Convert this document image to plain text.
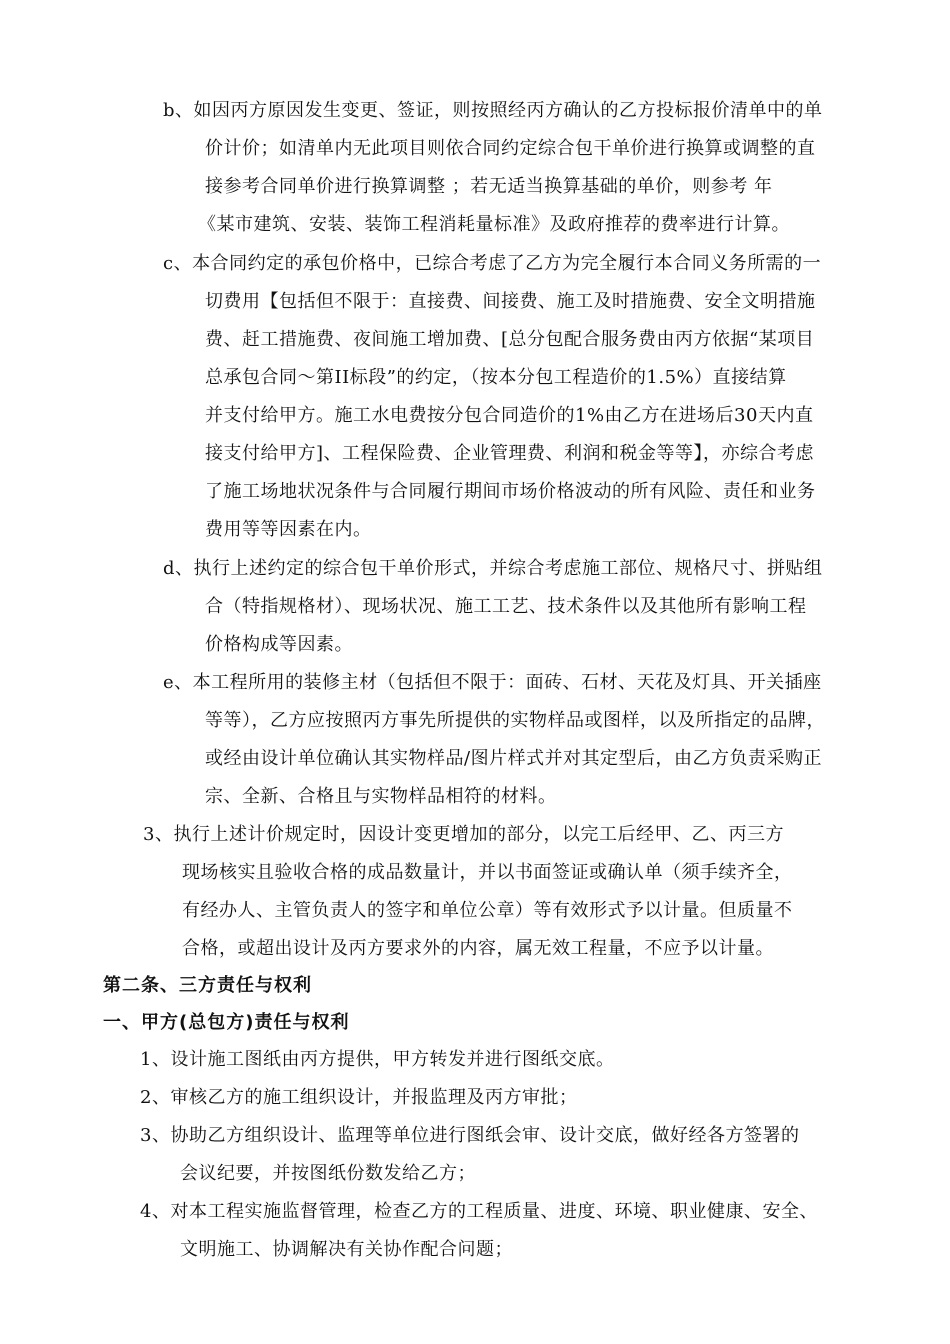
b、如因丙方原因发生变更、签证，则按照经丙方确认的乙方投标报价清单中的单
价计价；如清单内无此项目则依合同约定综合包干单价进行换算或调整的直
接参考合同单价进行换算调整 ；若无适当换算基础的单价，则参考 年
《某市建筑、安装、装饰工程消耗量标准》及政府推荐的费率进行计算。
c、本合同约定的承包价格中，已综合考虑了乙方为完全履行本合同义务所需的一
切费用【包括但不限于：直接费、间接费、施工及时措施费、安全文明措施
费、赶工措施费、夜间施工增加费、[总分包配合服务费由丙方依据“某项目
总承包合同～第II标段”的约定，（按本分包工程造价的1.5%）直接结算
并支付给甲方。施工水电费按分包合同造价的1%由乙方在进场后30天内直
接支付给甲方]、工程保险费、企业管理费、利润和税金等等】，亦综合考虑
了施工场地状况条件与合同履行期间市场价格波动的所有风险、责任和业务
费用等等因素在内。
d、执行上述约定的综合包干单价形式，并综合考虑施工部位、规格尺寸、拼贴组
合（特指规格材）、现场状况、施工工艺、技术条件以及其他所有影响工程
价格构成等因素。
e、本工程所用的装修主材（包括但不限于：面砖、石材、天花及灯具、开关插座
等等），乙方应按照丙方事先所提供的实物样品或图样，以及所指定的品牌，
或经由设计单位确认其实物样品/图片样式并对其定型后，由乙方负责采购正
宗、全新、合格且与实物样品相符的材料。
3、执行上述计价规定时，因设计变更增加的部分，以完工后经甲、乙、丙三方
现场核实且验收合格的成品数量计，并以书面签证或确认单（须手续齐全，
有经办人、主管负责人的签字和单位公章）等有效形式予以计量。但质量不
合格，或超出设计及丙方要求外的内容，属无效工程量，不应予以计量。
第二条、三方责任与权利
一、甲方(总包方)责任与权利
1、设计施工图纸由丙方提供，甲方转发并进行图纸交底。
2、审核乙方的施工组织设计，并报监理及丙方审批；
3、协助乙方组织设计、监理等单位进行图纸会审、设计交底，做好经各方签署的
会议纪要，并按图纸份数发给乙方；
4、对本工程实施监督管理，检查乙方的工程质量、进度、环境、职业健康、安全、
文明施工、协调解决有关协作配合问题；
